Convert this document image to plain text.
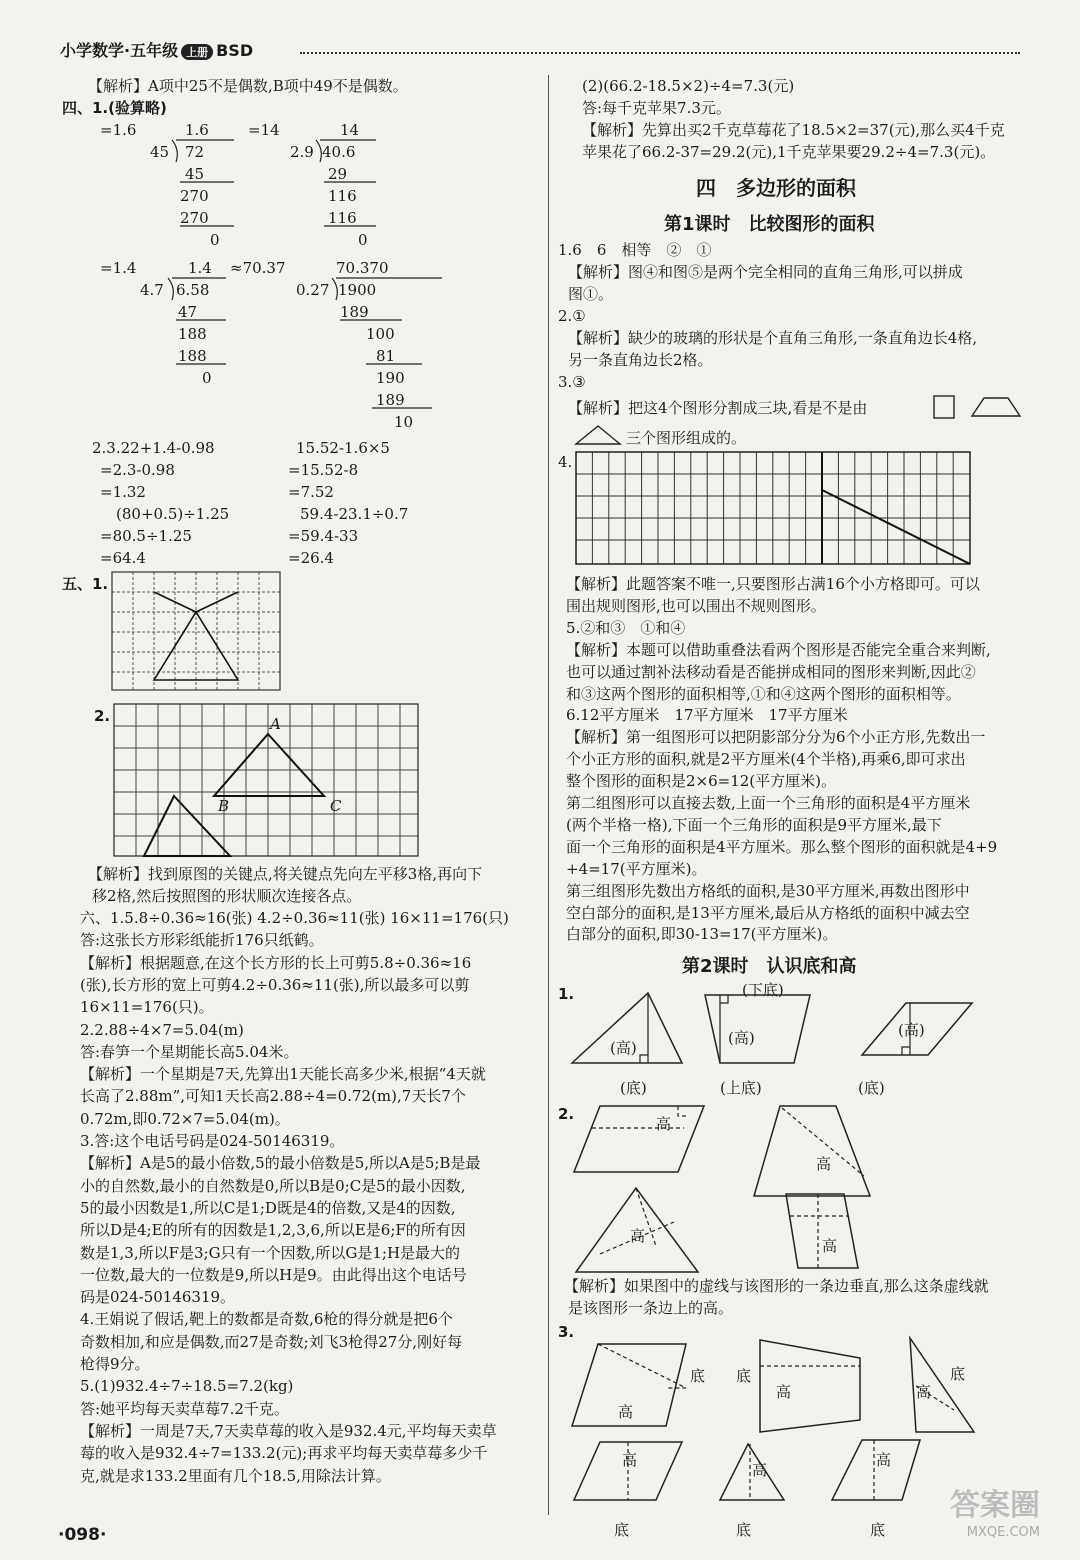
小学数学·五年级 上册 BSD
【解析】A项中25不是偶数,B项中49不是偶数。
四、1.(验算略)
=1.6	1.6
45 72
45
270
270
0
=14	14
2.9 40.6
29
116
116
0
=1.4	1.4
4.7 6.58
47
188
188
0
≈70.37	70.370
0.27 1900
189
100
81
190
189
10
2.3.22+1.4-0.98
=2.3-0.98
=1.32
(80+0.5)÷1.25
=80.5÷1.25
=64.4
15.52-1.6×5
=15.52-8
=7.52
59.4-23.1÷0.7
=59.4-33
=26.4
五、1.
2.	A
B	C
【解析】找到原图的关键点,将关键点先向左平移3格,再向下
移2格,然后按照图的形状顺次连接各点。
六、1.5.8÷0.36≈16(张) 4.2÷0.36≈11(张) 16×11=176(只)
答:这张长方形彩纸能折176只纸鹤。
【解析】根据题意,在这个长方形的长上可剪5.8÷0.36≈16
(张),长方形的宽上可剪4.2÷0.36≈11(张),所以最多可以剪
16×11=176(只)。
2.2.88÷4×7=5.04(m)
答:春笋一个星期能长高5.04米。
【解析】一个星期是7天,先算出1天能长高多少米,根据“4天就
长高了2.88m”,可知1天长高2.88÷4=0.72(m),7天长7个
0.72m,即0.72×7=5.04(m)。
3.答:这个电话号码是024-50146319。
【解析】A是5的最小倍数,5的最小倍数是5,所以A是5;B是最
小的自然数,最小的自然数是0,所以B是0;C是5的最小因数,
5的最小因数是1,所以C是1;D既是4的倍数,又是4的因数,
所以D是4;E的所有的因数是1,2,3,6,所以E是6;F的所有因
数是1,3,所以F是3;G只有一个因数,所以G是1;H是最大的
一位数,最大的一位数是9,所以H是9。由此得出这个电话号
码是024-50146319。
4.王娟说了假话,靶上的数都是奇数,6枪的得分就是把6个
奇数相加,和应是偶数,而27是奇数;刘飞3枪得27分,刚好每
枪得9分。
5.(1)932.4÷7÷18.5=7.2(kg)
答:她平均每天卖草莓7.2千克。
【解析】一周是7天,7天卖草莓的收入是932.4元,平均每天卖草
莓的收入是932.4÷7=133.2(元);再求平均每天卖草莓多少千
克,就是求133.2里面有几个18.5,用除法计算。
(2)(66.2-18.5×2)÷4=7.3(元)
答:每千克苹果7.3元。
【解析】先算出买2千克草莓花了18.5×2=37(元),那么买4千克
苹果花了66.2-37=29.2(元),1千克苹果要29.2÷4=7.3(元)。
四　多边形的面积
第1课时　比较图形的面积
1.6　6　相等　②　①
【解析】图④和图⑤是两个完全相同的直角三角形,可以拼成
图①。
2.①
【解析】缺少的玻璃的形状是个直角三角形,一条直角边长4格,
另一条直角边长2格。
3.③
【解析】把这4个图形分割成三块,看是不是由
三个图形组成的。
4.
【解析】此题答案不唯一,只要图形占满16个小方格即可。可以
围出规则图形,也可以围出不规则图形。
5.②和③　①和④
【解析】本题可以借助重叠法看两个图形是否能完全重合来判断,
也可以通过割补法移动看是否能拼成相同的图形来判断,因此②
和③这两个图形的面积相等,①和④这两个图形的面积相等。
6.12平方厘米　17平方厘米　17平方厘米
【解析】第一组图形可以把阴影部分分为6个小正方形,先数出一
个小正方形的面积,就是2平方厘米(4个半格),再乘6,即可求出
整个图形的面积是2×6=12(平方厘米)。
第二组图形可以直接去数,上面一个三角形的面积是4平方厘米
(两个半格一格),下面一个三角形的面积是9平方厘米,最下
面一个三角形的面积是4平方厘米。那么整个图形的面积就是4+9
+4=17(平方厘米)。
第三组图形先数出方格纸的面积,是30平方厘米,再数出图形中
空白部分的面积,是13平方厘米,最后从方格纸的面积中减去空
白部分的面积,即30-13=17(平方厘米)。
第2课时　认识底和高
1.	(下底)
(高)
(高)	(高)
(底)	(上底)	(底)
2.
高
高
高
高
【解析】如果图中的虚线与该图形的一条边垂直,那么这条虚线就
是该图形一条边上的高。
3.
高
底 底
高	高
底
高
高
高
底	底	底
·098·
答案圈
MXQE.COM
